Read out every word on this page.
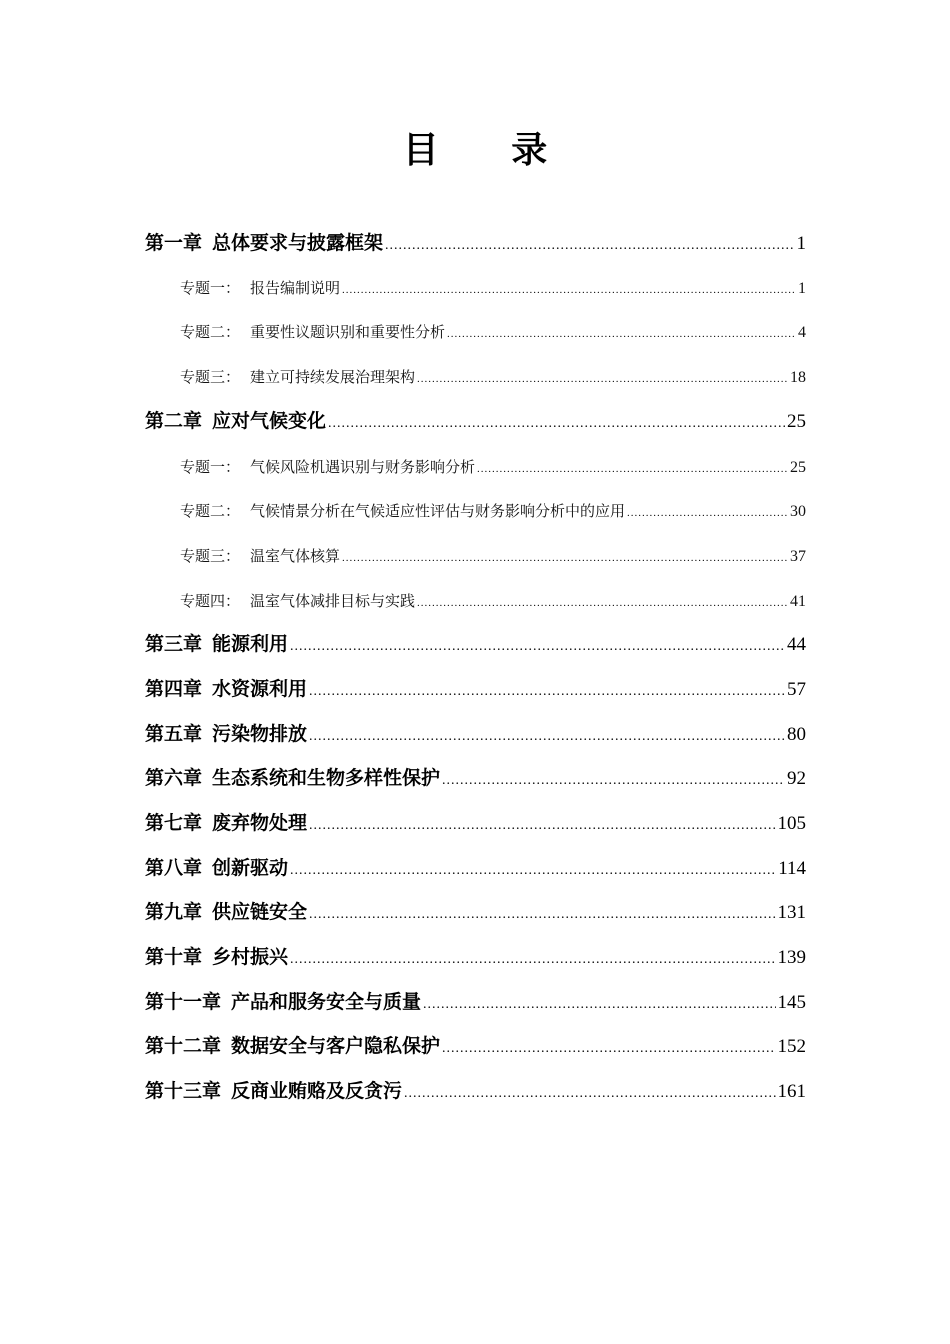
目 录
第一章 总体要求与披露框架 .....	1
专题一： 报告编制说明 .....	1
专题二： 重要性议题识别和重要性分析 .....	4
专题三： 建立可持续发展治理架构 .....	18
第二章 应对气候变化 .....	25
专题一： 气候风险机遇识别与财务影响分析 .....	25
专题二： 气候情景分析在气候适应性评估与财务影响分析中的应用 .....	30
专题三： 温室气体核算 .....	37
专题四： 温室气体减排目标与实践 .....	41
第三章 能源利用 .....	44
第四章 水资源利用 .....	57
第五章 污染物排放 .....	80
第六章 生态系统和生物多样性保护 .....	92
第七章 废弃物处理 .....	105
第八章 创新驱动 .....	114
第九章 供应链安全 .....	131
第十章 乡村振兴 .....	139
第十一章 产品和服务安全与质量 .....	145
第十二章 数据安全与客户隐私保护 .....	152
第十三章 反商业贿赂及反贪污 .....	161
